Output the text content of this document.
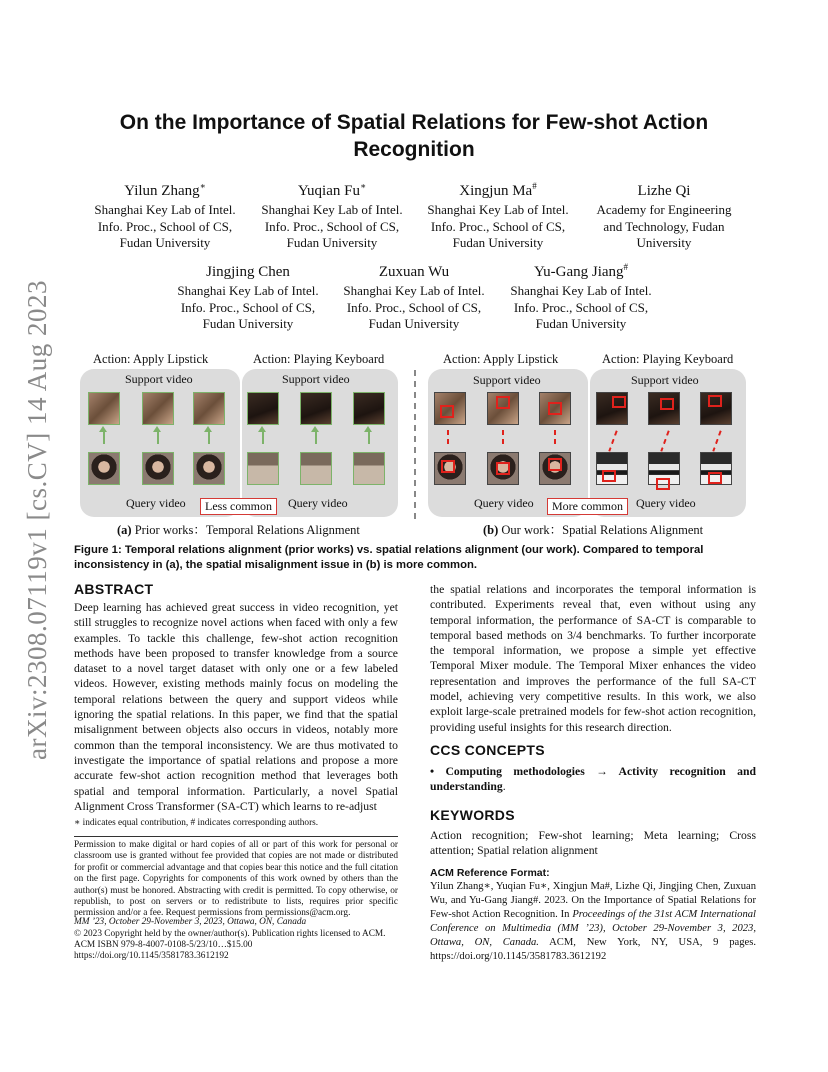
arXiv:2308.07119v1 [cs.CV] 14 Aug 2023
On the Importance of Spatial Relations for Few-shot Action Recognition
Yilun Zhang∗
Shanghai Key Lab of Intel.
Info. Proc., School of CS,
Fudan University
Yuqian Fu∗
Shanghai Key Lab of Intel.
Info. Proc., School of CS,
Fudan University
Xingjun Ma#
Shanghai Key Lab of Intel.
Info. Proc., School of CS,
Fudan University
Lizhe Qi
Academy for Engineering
and Technology, Fudan
University
Jingjing Chen
Shanghai Key Lab of Intel.
Info. Proc., School of CS,
Fudan University
Zuxuan Wu
Shanghai Key Lab of Intel.
Info. Proc., School of CS,
Fudan University
Yu-Gang Jiang#
Shanghai Key Lab of Intel.
Info. Proc., School of CS,
Fudan University
Action: Apply Lipstick	Action: Playing Keyboard
Support video	Support video
Query video	Query video
Less common
(a) Prior works：Temporal Relations Alignment
Action: Apply Lipstick	Action: Playing Keyboard
Support video	Support video
Query video	Query video
More common
(b) Our work：Spatial Relations Alignment
Figure 1: Temporal relations alignment (prior works) vs. spatial relations alignment (our work). Compared to temporal inconsistency in (a), the spatial misalignment issue in (b) is more common.
ABSTRACT
Deep learning has achieved great success in video recognition, yet still struggles to recognize novel actions when faced with only a few examples. To tackle this challenge, few-shot action recognition methods have been proposed to transfer knowledge from a source dataset to a novel target dataset with only one or a few labeled videos. However, existing methods mainly focus on modeling the temporal relations between the query and support videos while ignoring the spatial relations. In this paper, we find that the spatial misalignment between objects also occurs in videos, notably more common than the temporal inconsistency. We are thus motivated to investigate the importance of spatial relations and propose a more accurate few-shot action recognition method that leverages both spatial and temporal information. Particularly, a novel Spatial Alignment Cross Transformer (SA-CT) which learns to re-adjust
∗ indicates equal contribution, # indicates corresponding authors.
Permission to make digital or hard copies of all or part of this work for personal or classroom use is granted without fee provided that copies are not made or distributed for profit or commercial advantage and that copies bear this notice and the full citation on the first page. Copyrights for components of this work owned by others than the author(s) must be honored. Abstracting with credit is permitted. To copy otherwise, or republish, to post on servers or to redistribute to lists, requires prior specific permission and/or a fee. Request permissions from permissions@acm.org.
MM ’23, October 29-November 3, 2023, Ottawa, ON, Canada
© 2023 Copyright held by the owner/author(s). Publication rights licensed to ACM.
ACM ISBN 979-8-4007-0108-5/23/10…$15.00
https://doi.org/10.1145/3581783.3612192
the spatial relations and incorporates the temporal information is contributed. Experiments reveal that, even without using any temporal information, the performance of SA-CT is comparable to temporal based methods on 3/4 benchmarks. To further incorporate the temporal information, we propose a simple yet effective Temporal Mixer module. The Temporal Mixer enhances the video representation and improves the performance of the full SA-CT model, achieving very competitive results. In this work, we also exploit large-scale pretrained models for few-shot action recognition, providing useful insights for this research direction.
CCS CONCEPTS
• Computing methodologies → Activity recognition and understanding.
KEYWORDS
Action recognition; Few-shot learning; Meta learning; Cross attention; Spatial relation alignment
ACM Reference Format:
Yilun Zhang∗, Yuqian Fu∗, Xingjun Ma#, Lizhe Qi, Jingjing Chen, Zuxuan Wu, and Yu-Gang Jiang#. 2023. On the Importance of Spatial Relations for Few-shot Action Recognition. In Proceedings of the 31st ACM International Conference on Multimedia (MM ’23), October 29-November 3, 2023, Ottawa, ON, Canada. ACM, New York, NY, USA, 9 pages. https://doi.org/10.1145/3581783.3612192
